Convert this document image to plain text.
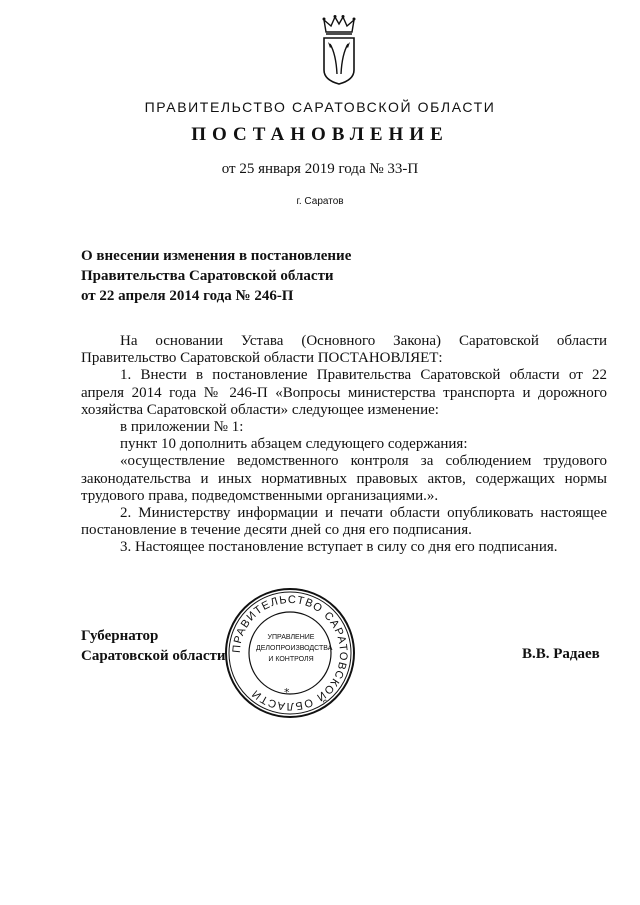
ПРАВИТЕЛЬСТВО САРАТОВСКОЙ ОБЛАСТИ
ПОСТАНОВЛЕНИЕ
от 25 января 2019 года № 33-П
г. Саратов
О внесении изменения в постановление
Правительства Саратовской области
от 22 апреля 2014 года № 246-П

На основании Устава (Основного Закона) Саратовской области Правительство Саратовской области ПОСТАНОВЛЯЕТ:

1. Внести в постановление Правительства Саратовской области от 22 апреля 2014 года № 246-П «Вопросы министерства транспорта и дорожного хозяйства Саратовской области» следующее изменение:

в приложении № 1:

пункт 10 дополнить абзацем следующего содержания:

«осуществление ведомственного контроля за соблюдением трудового законодательства и иных нормативных правовых актов, содержащих нормы трудового права, подведомственными организациями.».

2. Министерству информации и печати области опубликовать настоящее постановление в течение десяти дней со дня его подписания.

3. Настоящее постановление вступает в силу со дня его подписания.

Губернатор
Саратовской области	В.В. Радаев
ПРАВИТЕЛЬСТВО САРАТОВСКОЙ ОБЛАСТИ
УПРАВЛЕНИЕ
ДЕЛОПРОИЗВОДСТВА
И КОНТРОЛЯ
*
